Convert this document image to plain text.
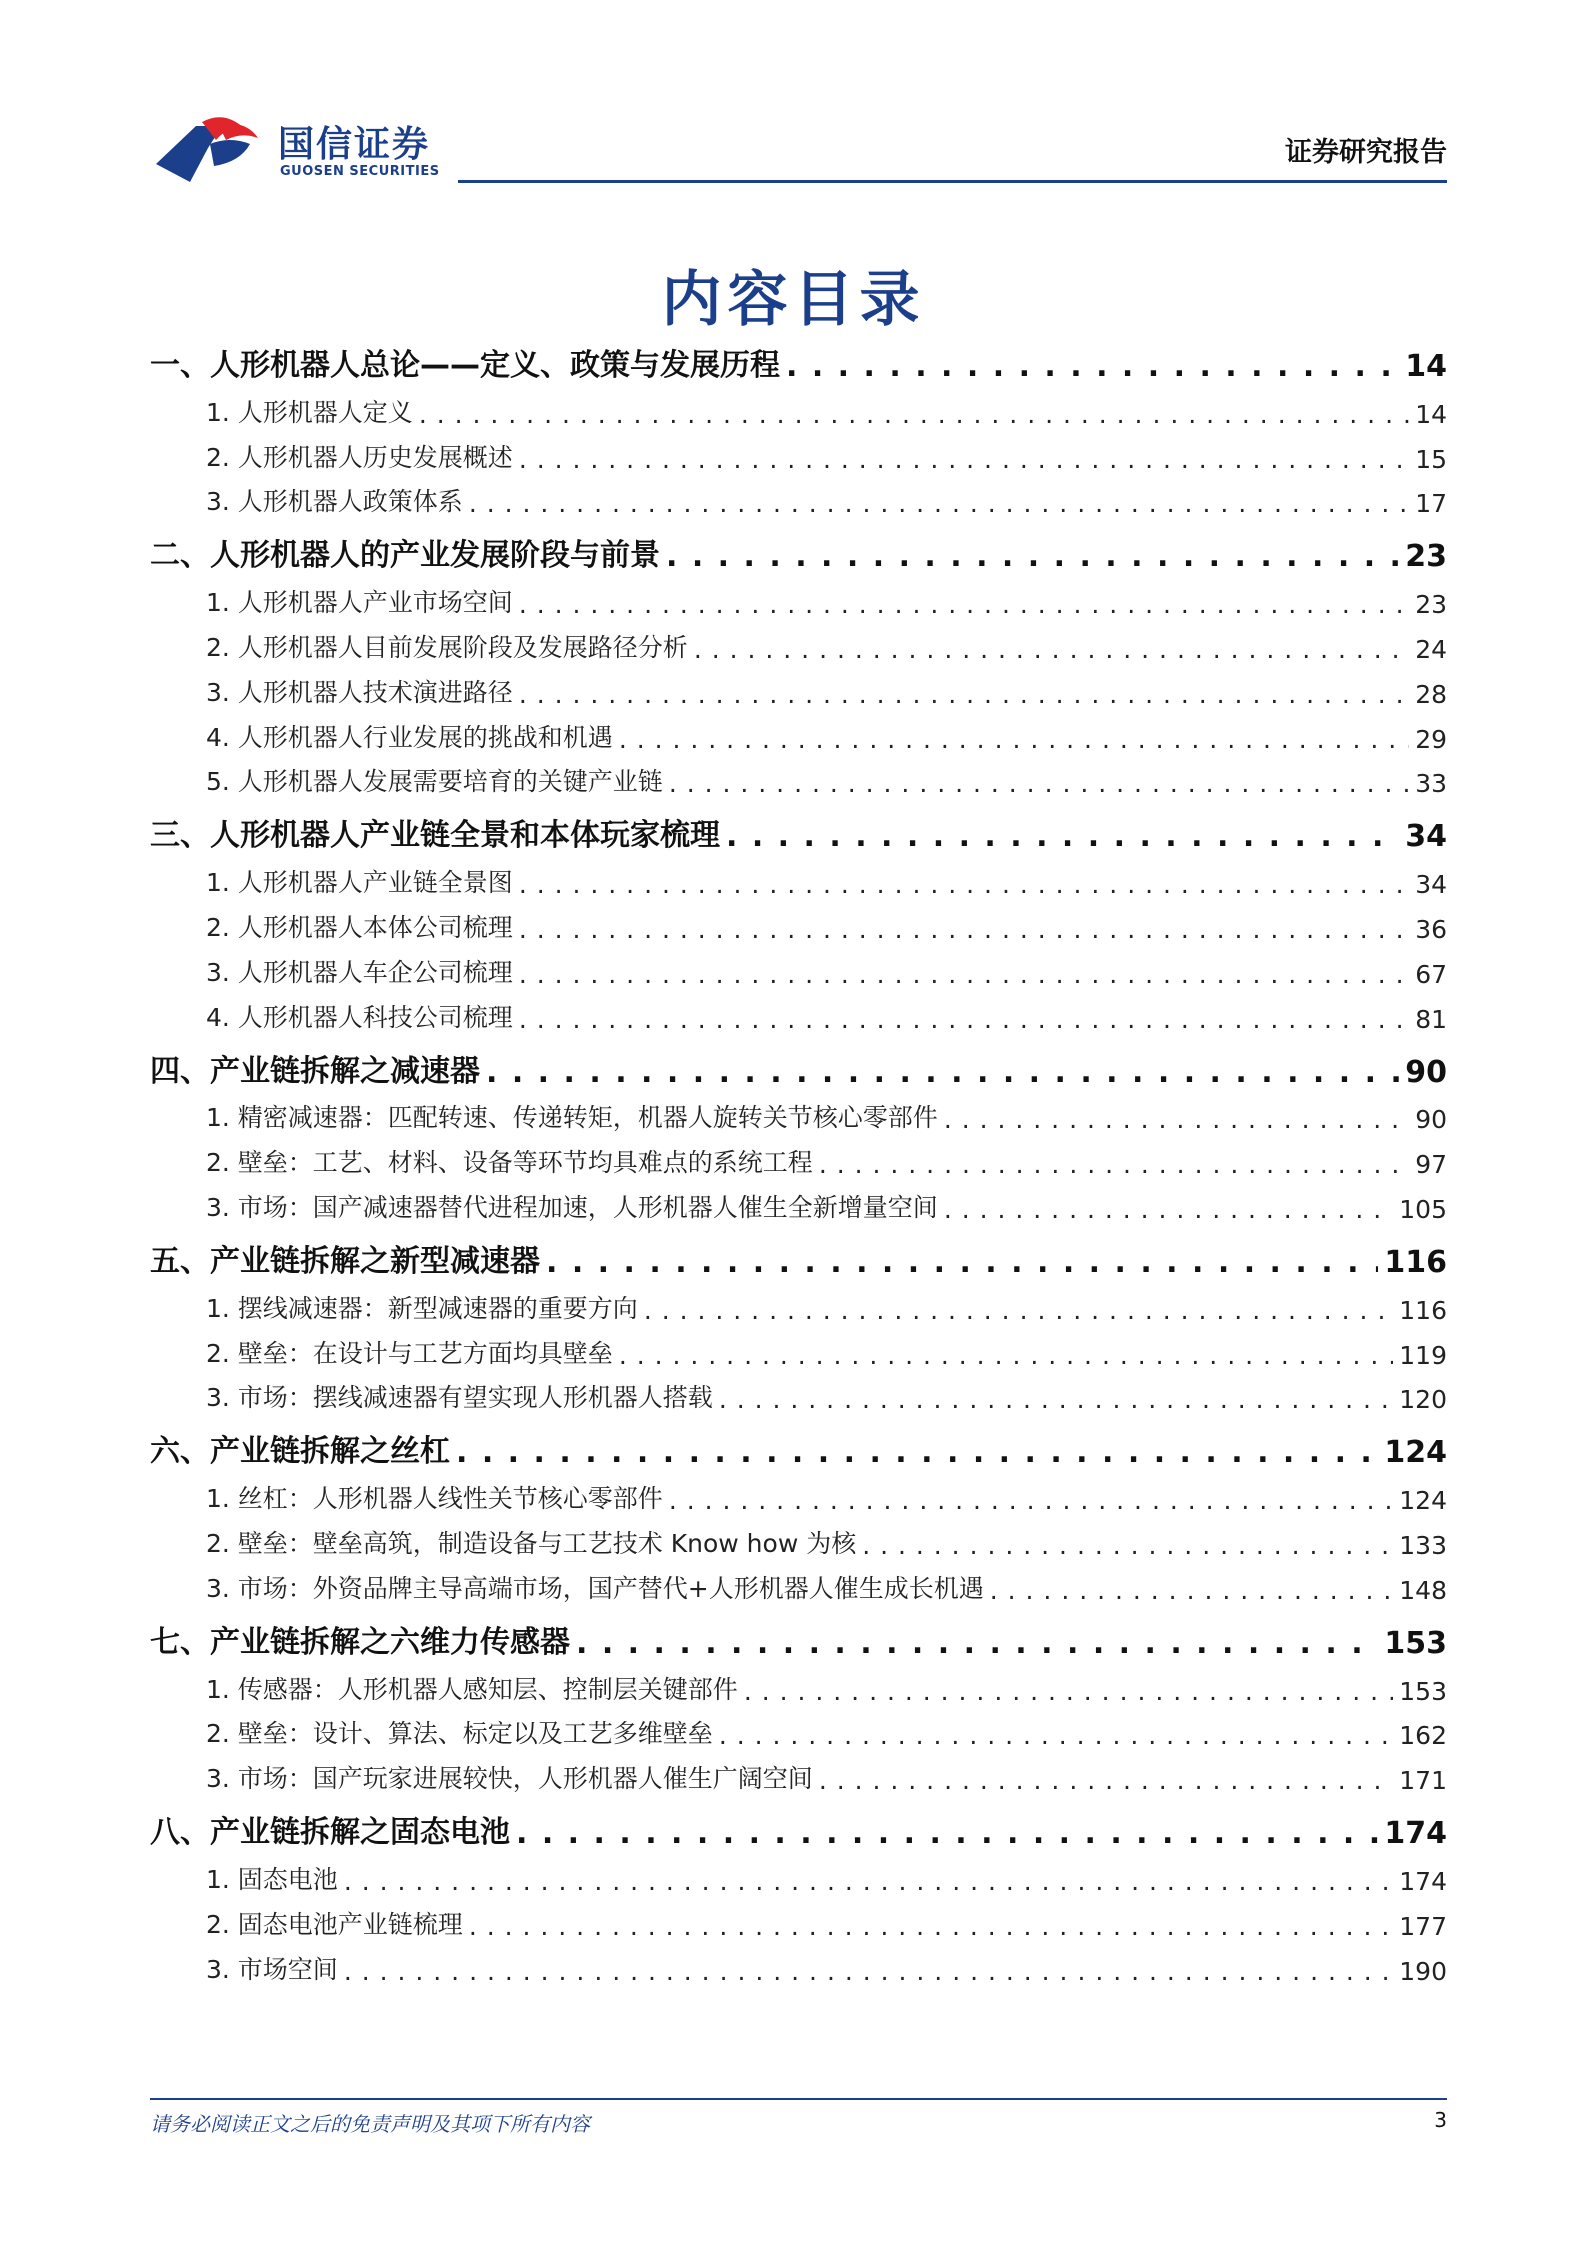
国信证券
GUOSEN SECURITIES
证券研究报告
内容目录
一、人形机器人总论——定义、政策与发展历程 . . .	14
1. 人形机器人定义 . . .	14
2. 人形机器人历史发展概述 . . .	15
3. 人形机器人政策体系 . . .	17
二、人形机器人的产业发展阶段与前景 . . .	23
1. 人形机器人产业市场空间 . . .	23
2. 人形机器人目前发展阶段及发展路径分析 . . .	24
3. 人形机器人技术演进路径 . . .	28
4. 人形机器人行业发展的挑战和机遇 . . .	29
5. 人形机器人发展需要培育的关键产业链 . . .	33
三、人形机器人产业链全景和本体玩家梳理 . . .	34
1. 人形机器人产业链全景图 . . .	34
2. 人形机器人本体公司梳理 . . .	36
3. 人形机器人车企公司梳理 . . .	67
4. 人形机器人科技公司梳理 . . .	81
四、产业链拆解之减速器 . . .	90
1. 精密减速器：匹配转速、传递转矩，机器人旋转关节核心零部件 . . .	90
2. 壁垒：工艺、材料、设备等环节均具难点的系统工程 . . .	97
3. 市场：国产减速器替代进程加速，人形机器人催生全新增量空间 . . .	105
五、产业链拆解之新型减速器 . . .	116
1. 摆线减速器：新型减速器的重要方向 . . .	116
2. 壁垒：在设计与工艺方面均具壁垒 . . .	119
3. 市场：摆线减速器有望实现人形机器人搭载 . . .	120
六、产业链拆解之丝杠 . . .	124
1. 丝杠：人形机器人线性关节核心零部件 . . .	124
2. 壁垒：壁垒高筑，制造设备与工艺技术 Know how 为核 . . .	133
3. 市场：外资品牌主导高端市场，国产替代+人形机器人催生成长机遇 . . .	148
七、产业链拆解之六维力传感器 . . .	153
1. 传感器：人形机器人感知层、控制层关键部件 . . .	153
2. 壁垒：设计、算法、标定以及工艺多维壁垒 . . .	162
3. 市场：国产玩家进展较快，人形机器人催生广阔空间 . . .	171
八、产业链拆解之固态电池 . . .	174
1. 固态电池 . . .	174
2. 固态电池产业链梳理 . . .	177
3. 市场空间 . . .	190
请务必阅读正文之后的免责声明及其项下所有内容	3
